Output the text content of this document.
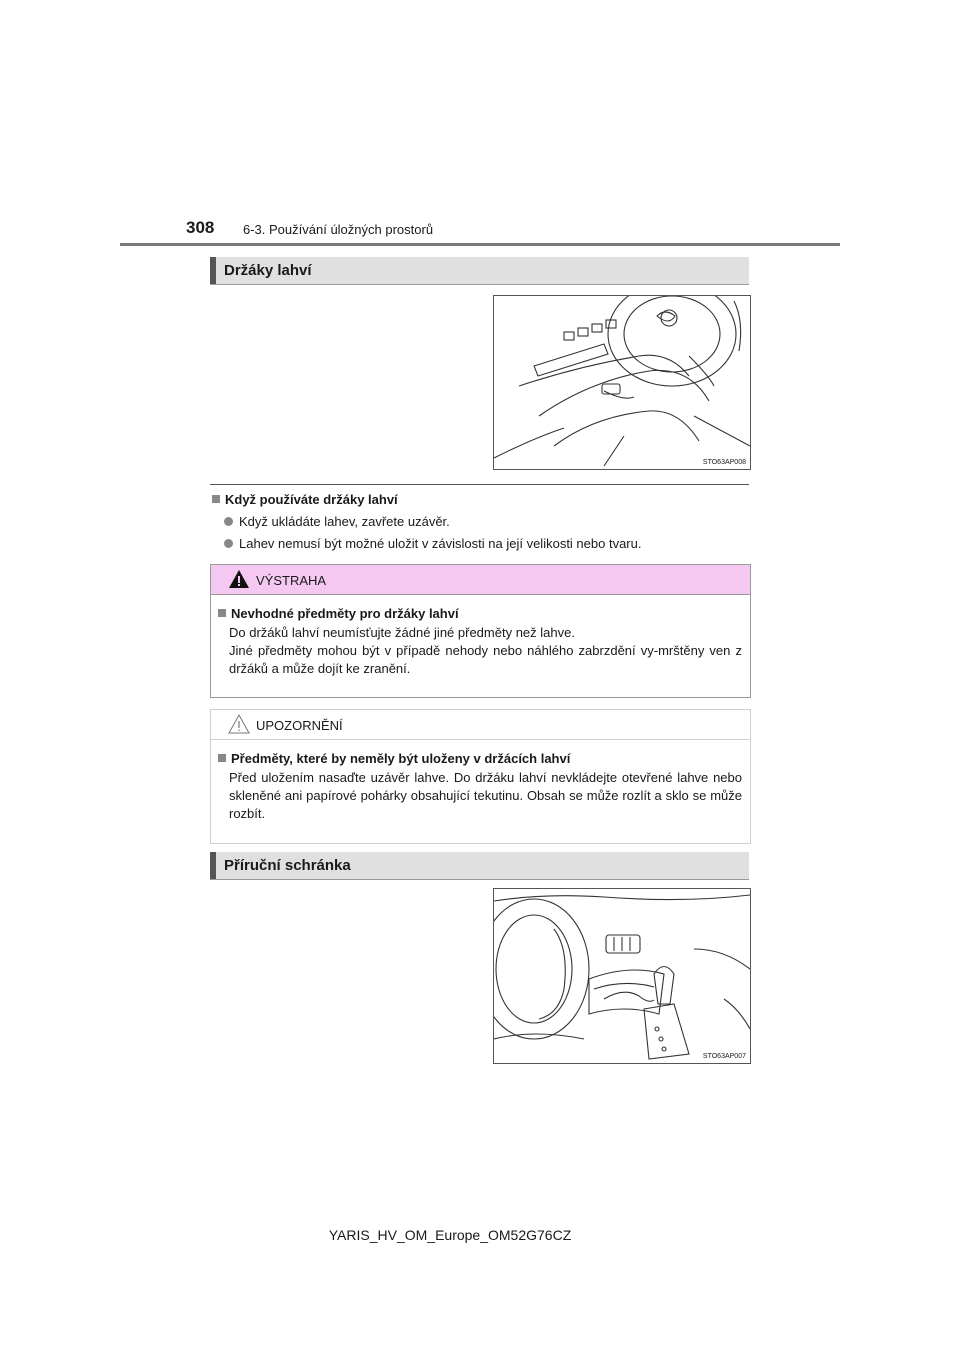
308 6-3. Používání úložných prostorů
Držáky lahví
STO63AP008
Když používáte držáky lahví
Když ukládáte lahev, zavřete uzávěr.
Lahev nemusí být možné uložit v závislosti na její velikosti nebo tvaru.
VÝSTRAHA
Nevhodné předměty pro držáky lahví
Do držáků lahví neumísťujte žádné jiné předměty než lahve.
Jiné předměty mohou být v případě nehody nebo náhlého zabrzdění vy-mrštěny ven z držáků a může dojít ke zranění.
UPOZORNĚNÍ
Předměty, které by neměly být uloženy v držácích lahví
Před uložením nasaďte uzávěr lahve. Do držáku lahví nevkládejte otevřené lahve nebo skleněné ani papírové pohárky obsahující tekutinu. Obsah se může rozlít a sklo se může rozbít.
Příruční schránka
STO63AP007
YARIS_HV_OM_Europe_OM52G76CZ
